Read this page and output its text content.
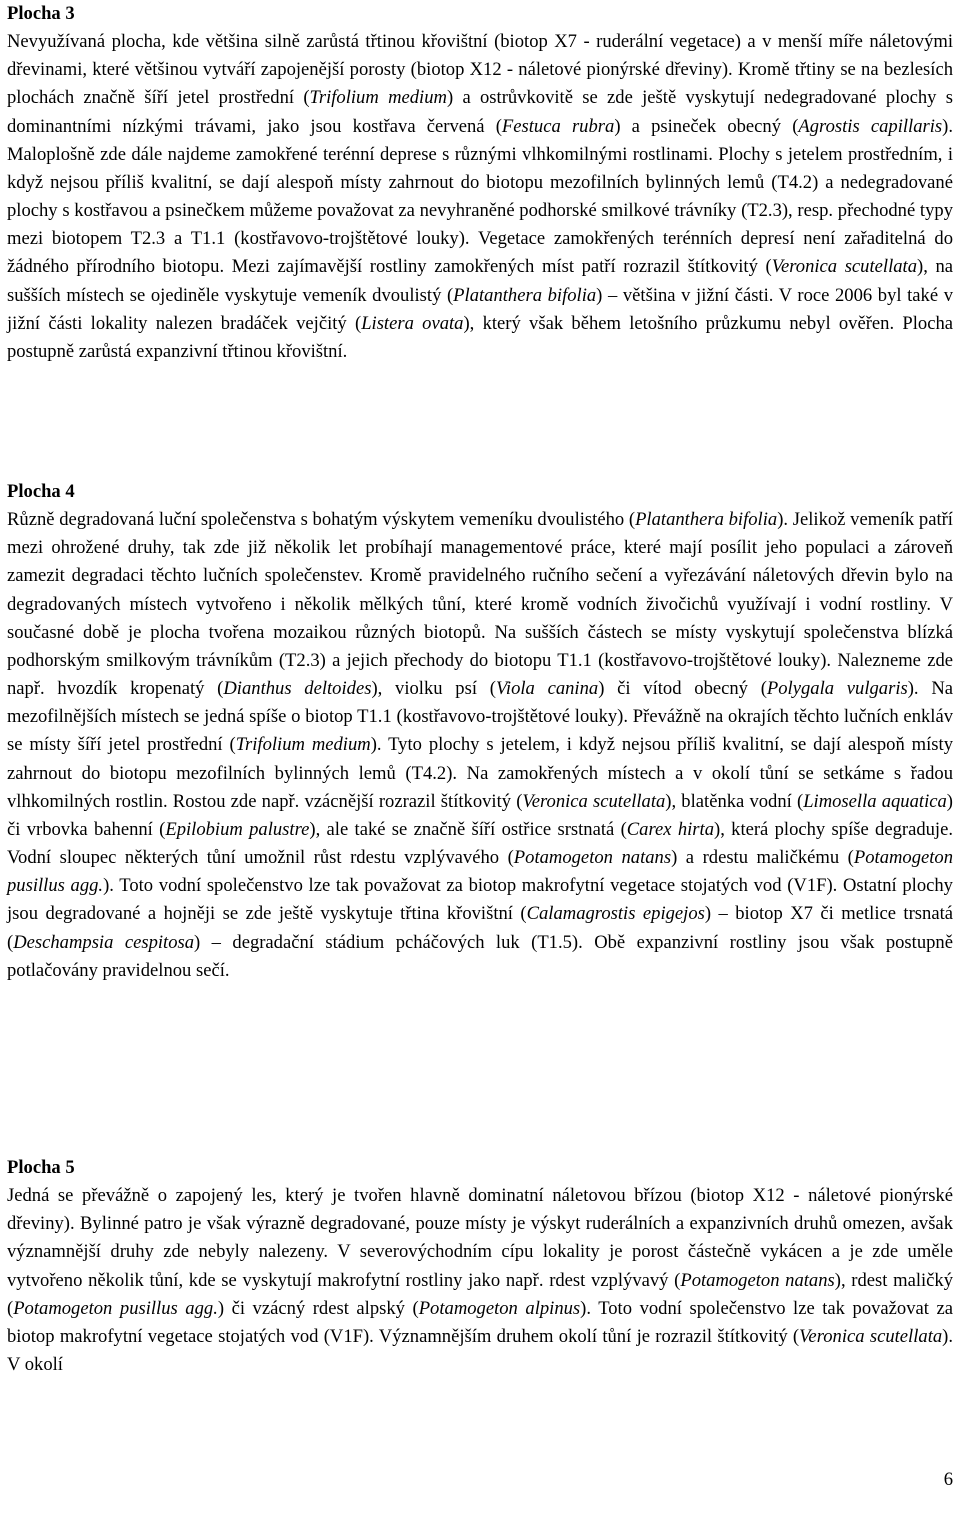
Plocha 3

Nevyužívaná plocha, kde většina silně zarůstá třtinou křovištní (biotop X7 - ruderální vegetace) a v menší míře náletovými dřevinami, které většinou vytváří zapojenější porosty (biotop X12 - náletové pionýrské dřeviny). Kromě třtiny se na bezlesích plochách značně šíří jetel prostřední (Trifolium medium) a ostrůvkovitě se zde ještě vyskytují nedegradované plochy s dominantními nízkými trávami, jako jsou kostřava červená (Festuca rubra) a psineček obecný (Agrostis capillaris). Maloplošně zde dále najdeme zamokřené terénní deprese s různými vlhkomilnými rostlinami. Plochy s jetelem prostředním, i když nejsou příliš kvalitní, se dají alespoň místy zahrnout do biotopu mezofilních bylinných lemů (T4.2) a nedegradované plochy s kostřavou a psinečkem můžeme považovat za nevyhraněné podhorské smilkové trávníky (T2.3), resp. přechodné typy mezi biotopem T2.3 a T1.1 (kostřavovo-trojštětové louky). Vegetace zamokřených terénních depresí není zařaditelná do žádného přírodního biotopu. Mezi zajímavější rostliny zamokřených míst patří rozrazil štítkovitý (Veronica scutellata), na sušších místech se ojediněle vyskytuje vemeník dvoulistý (Platanthera bifolia) – většina v jižní části. V roce 2006 byl také v jižní části lokality nalezen bradáček vejčitý (Listera ovata), který však během letošního průzkumu nebyl ověřen. Plocha postupně zarůstá expanzivní třtinou křovištní.

Plocha 4

Různě degradovaná luční společenstva s bohatým výskytem vemeníku dvoulistého (Platanthera bifolia). Jelikož vemeník patří mezi ohrožené druhy, tak zde již několik let probíhají managementové práce, které mají posílit jeho populaci a zároveň zamezit degradaci těchto lučních společenstev. Kromě pravidelného ručního sečení a vyřezávání náletových dřevin bylo na degradovaných místech vytvořeno i několik mělkých tůní, které kromě vodních živočichů využívají i vodní rostliny. V současné době je plocha tvořena mozaikou různých biotopů. Na sušších částech se místy vyskytují společenstva blízká podhorským smilkovým trávníkům (T2.3) a jejich přechody do biotopu T1.1 (kostřavovo-trojštětové louky). Nalezneme zde např. hvozdík kropenatý (Dianthus deltoides), violku psí (Viola canina) či vítod obecný (Polygala vulgaris). Na mezofilnějších místech se jedná spíše o biotop T1.1 (kostřavovo-trojštětové louky). Převážně na okrajích těchto lučních enkláv se místy šíří jetel prostřední (Trifolium medium). Tyto plochy s jetelem, i když nejsou příliš kvalitní, se dají alespoň místy zahrnout do biotopu mezofilních bylinných lemů (T4.2). Na zamokřených místech a v okolí tůní se setkáme s řadou vlhkomilných rostlin. Rostou zde např. vzácnější rozrazil štítkovitý (Veronica scutellata), blatěnka vodní (Limosella aquatica) či vrbovka bahenní (Epilobium palustre), ale také se značně šíří ostřice srstnatá (Carex hirta), která plochy spíše degraduje. Vodní sloupec některých tůní umožnil růst rdestu vzplývavého (Potamogeton natans) a rdestu maličkému (Potamogeton pusillus agg.). Toto vodní společenstvo lze tak považovat za biotop makrofytní vegetace stojatých vod (V1F). Ostatní plochy jsou degradované a hojněji se zde ještě vyskytuje třtina křovištní (Calamagrostis epigejos) – biotop X7 či metlice trsnatá (Deschampsia cespitosa) – degradační stádium pcháčových luk (T1.5). Obě expanzivní rostliny jsou však postupně potlačovány pravidelnou sečí.

Plocha 5

Jedná se převážně o zapojený les, který je tvořen hlavně dominatní náletovou břízou (biotop X12 - náletové pionýrské dřeviny). Bylinné patro je však výrazně degradované, pouze místy je výskyt ruderálních a expanzivních druhů omezen, avšak významnější druhy zde nebyly nalezeny. V severovýchodním cípu lokality je porost částečně vykácen a je zde uměle vytvořeno několik tůní, kde se vyskytují makrofytní rostliny jako např. rdest vzplývavý (Potamogeton natans), rdest maličký (Potamogeton pusillus agg.) či vzácný rdest alpský (Potamogeton alpinus). Toto vodní společenstvo lze tak považovat za biotop makrofytní vegetace stojatých vod (V1F). Významnějším druhem okolí tůní je rozrazil štítkovitý (Veronica scutellata). V okolí

6
